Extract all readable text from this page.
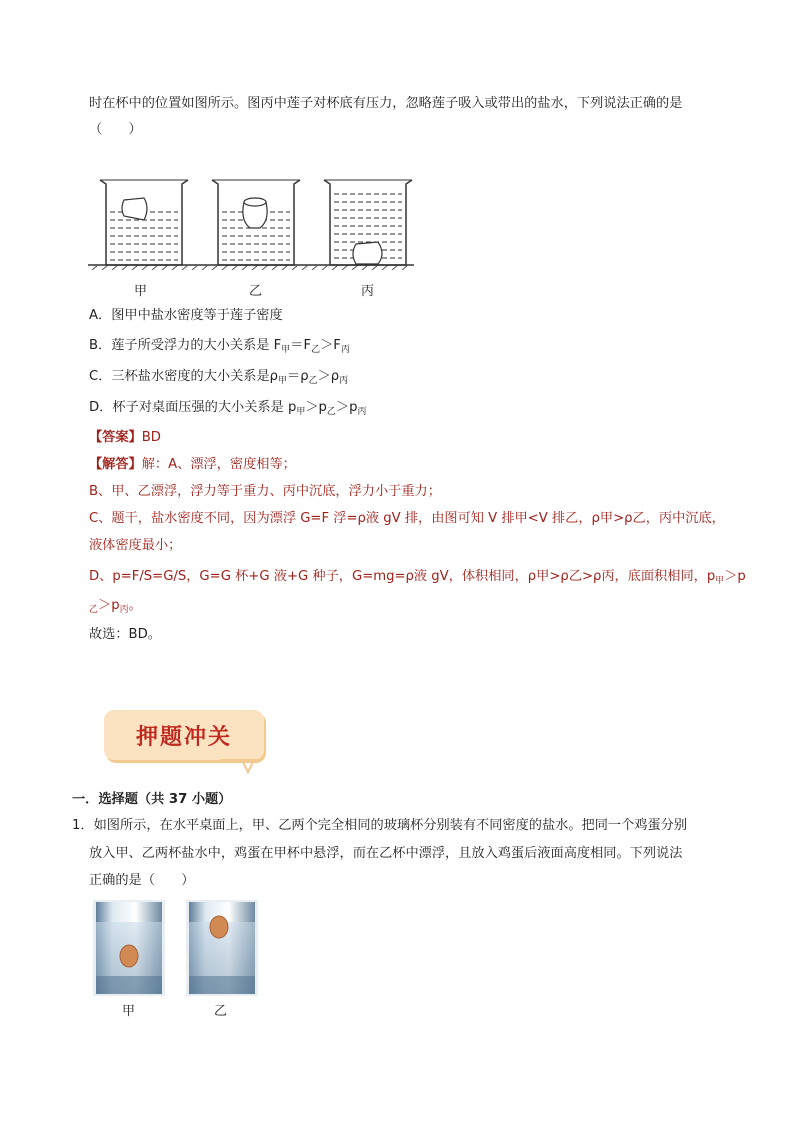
时在杯中的位置如图所示。图丙中莲子对杯底有压力，忽略莲子吸入或带出的盐水，下列说法正确的是
（　　）
甲	乙	丙
A．图甲中盐水密度等于莲子密度
B．莲子所受浮力的大小关系是 $F_甲=F_乙>F_丙$
C．三杯盐水密度的大小关系是$\rho_甲=\rho_乙>\rho_丙$
D．杯子对桌面压强的大小关系是 $p_甲>p_乙>p_丙$
【答案】BD
【解答】解：A、漂浮，密度相等；
B、甲、乙漂浮，浮力等于重力、丙中沉底，浮力小于重力；
C、题干，盐水密度不同，因为漂浮 G=F 浮=ρ液 gV 排，由图可知 V 排甲<V 排乙，ρ甲>ρ乙，丙中沉底，
液体密度最小；
D、p=F/S=G/S，G=G 杯+G 液+G 种子，G=mg=ρ液 gV，体积相同，ρ甲>ρ乙>ρ丙，底面积相同，$p_甲>p$
$_乙>p_丙$。
故选：BD。
押题冲关
一．选择题（共 37 小题）
1．如图所示，在水平桌面上，甲、乙两个完全相同的玻璃杯分别装有不同密度的盐水。把同一个鸡蛋分别
放入甲、乙两杯盐水中，鸡蛋在甲杯中悬浮，而在乙杯中漂浮，且放入鸡蛋后液面高度相同。下列说法
正确的是（　　）
甲	乙
